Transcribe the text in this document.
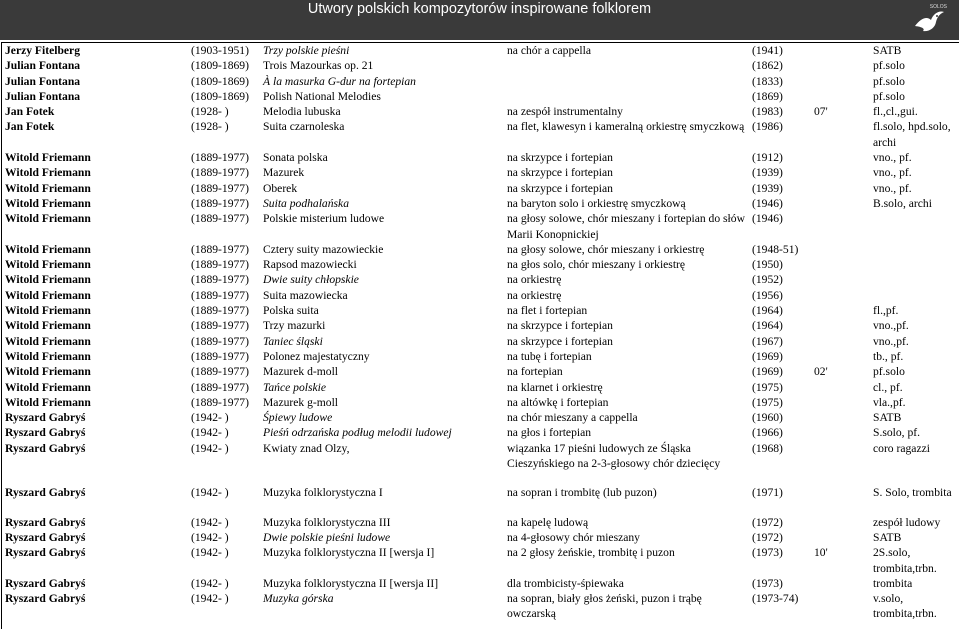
Utwory polskich kompozytorów inspirowane folklorem	SOLOS
Jerzy Fitelberg	(1903-1951)	Trzy polskie pieśni	na chór a cappella	(1941)		SATB
Julian Fontana	(1809-1869)	Trois Mazourkas op. 21		(1862)		pf.solo
Julian Fontana	(1809-1869)	À la masurka G-dur na fortepian		(1833)		pf.solo
Julian Fontana	(1809-1869)	Polish National Melodies		(1869)		pf.solo
Jan Fotek	(1928- )	Melodia lubuska	na zespół instrumentalny	(1983)	07'	fl.,cl.,gui.
Jan Fotek	(1928- )	Suita czarnoleska	na flet, klawesyn i kameralną orkiestrę smyczkową	(1986)		fl.solo, hpd.solo, archi
Witold Friemann	(1889-1977)	Sonata polska	na skrzypce i fortepian	(1912)		vno., pf.
Witold Friemann	(1889-1977)	Mazurek	na skrzypce i fortepian	(1939)		vno., pf.
Witold Friemann	(1889-1977)	Oberek	na skrzypce i fortepian	(1939)		vno., pf.
Witold Friemann	(1889-1977)	Suita podhalańska	na baryton solo i orkiestrę smyczkową	(1946)		B.solo, archi
Witold Friemann	(1889-1977)	Polskie misterium ludowe	na głosy solowe, chór mieszany i fortepian do słów Marii Konopnickiej	(1946)		
Witold Friemann	(1889-1977)	Cztery suity mazowieckie	na głosy solowe, chór mieszany i orkiestrę	(1948-51)		
Witold Friemann	(1889-1977)	Rapsod mazowiecki	na głos solo, chór mieszany i orkiestrę	(1950)		
Witold Friemann	(1889-1977)	Dwie suity chłopskie	na orkiestrę	(1952)		
Witold Friemann	(1889-1977)	Suita mazowiecka	na orkiestrę	(1956)		
Witold Friemann	(1889-1977)	Polska suita	na flet i fortepian	(1964)		fl.,pf.
Witold Friemann	(1889-1977)	Trzy mazurki	na skrzypce i fortepian	(1964)		vno.,pf.
Witold Friemann	(1889-1977)	Taniec śląski	na skrzypce i fortepian	(1967)		vno.,pf.
Witold Friemann	(1889-1977)	Polonez majestatyczny	na tubę i fortepian	(1969)		tb., pf.
Witold Friemann	(1889-1977)	Mazurek d-moll	na fortepian	(1969)	02'	pf.solo
Witold Friemann	(1889-1977)	Tańce polskie	na klarnet i orkiestrę	(1975)		cl., pf.
Witold Friemann	(1889-1977)	Mazurek g-moll	na altówkę i fortepian	(1975)		vla.,pf.
Ryszard Gabryś	(1942- )	Śpiewy ludowe	na chór mieszany a cappella	(1960)		SATB
Ryszard Gabryś	(1942- )	Pieśń odrzańska podług melodii ludowej	na głos i fortepian	(1966)		S.solo, pf.
Ryszard Gabryś	(1942- )	Kwiaty znad Olzy,	wiązanka 17 pieśni ludowych ze Śląska Cieszyńskiego na 2-3-głosowy chór dziecięcy	(1968)		coro ragazzi

Ryszard Gabryś	(1942- )	Muzyka folklorystyczna I	na sopran i trombitę (lub puzon)	(1971)		S. Solo, trombita

Ryszard Gabryś	(1942- )	Muzyka folklorystyczna III	na kapelę ludową	(1972)		zespół ludowy
Ryszard Gabryś	(1942- )	Dwie polskie pieśni ludowe	na 4-głosowy chór mieszany	(1972)		SATB
Ryszard Gabryś	(1942- )	Muzyka folklorystyczna II [wersja I]	na 2 głosy żeńskie, trombitę i puzon	(1973)	10'	2S.solo, trombita,trbn.
Ryszard Gabryś	(1942- )	Muzyka folklorystyczna II [wersja II]	dla trombicisty-śpiewaka	(1973)		trombita
Ryszard Gabryś	(1942- )	Muzyka górska	na sopran, biały głos żeński, puzon i trąbę owczarską	(1973-74)		v.solo, trombita,trbn.
